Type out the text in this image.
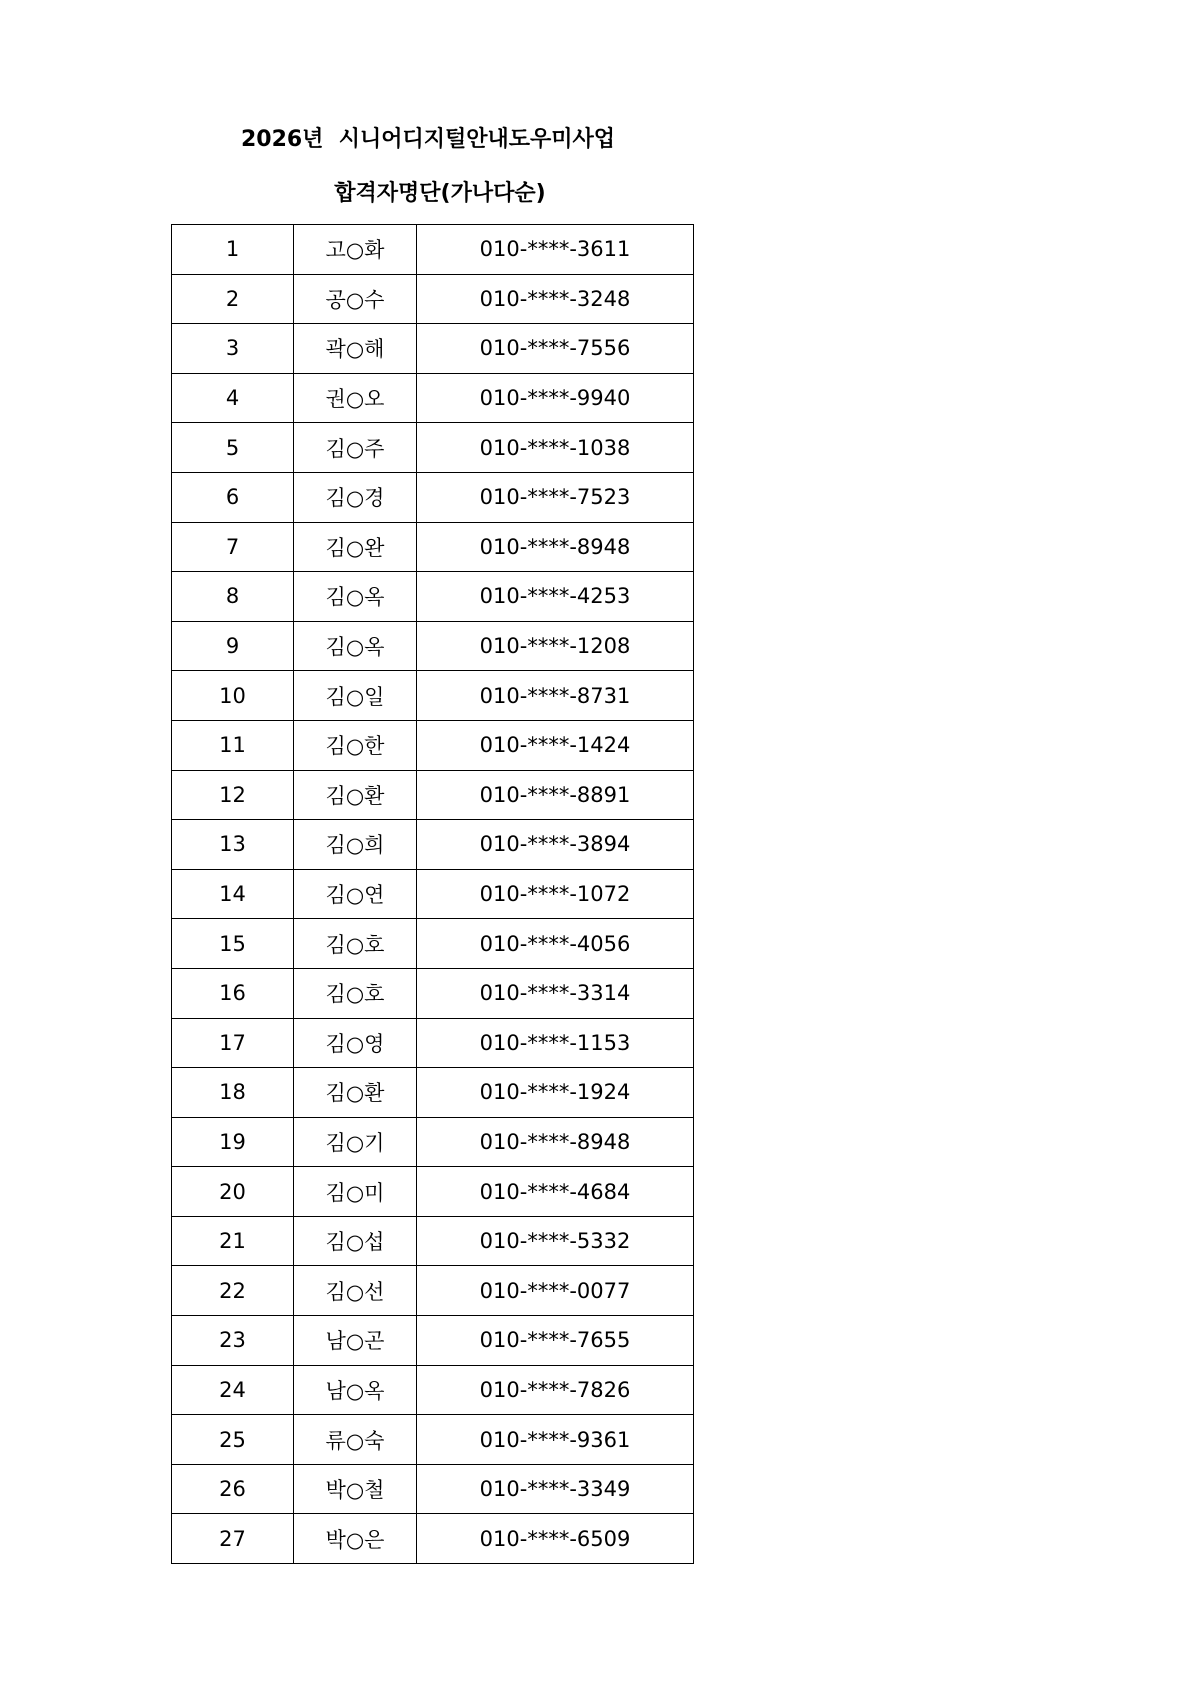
2026년  시니어디지털안내도우미사업
합격자명단(가나다순)
1	고○화	010-****-3611
2	공○수	010-****-3248
3	곽○해	010-****-7556
4	권○오	010-****-9940
5	김○주	010-****-1038
6	김○경	010-****-7523
7	김○완	010-****-8948
8	김○옥	010-****-4253
9	김○옥	010-****-1208
10	김○일	010-****-8731
11	김○한	010-****-1424
12	김○환	010-****-8891
13	김○희	010-****-3894
14	김○연	010-****-1072
15	김○호	010-****-4056
16	김○호	010-****-3314
17	김○영	010-****-1153
18	김○환	010-****-1924
19	김○기	010-****-8948
20	김○미	010-****-4684
21	김○섭	010-****-5332
22	김○선	010-****-0077
23	남○곤	010-****-7655
24	남○옥	010-****-7826
25	류○숙	010-****-9361
26	박○철	010-****-3349
27	박○은	010-****-6509
